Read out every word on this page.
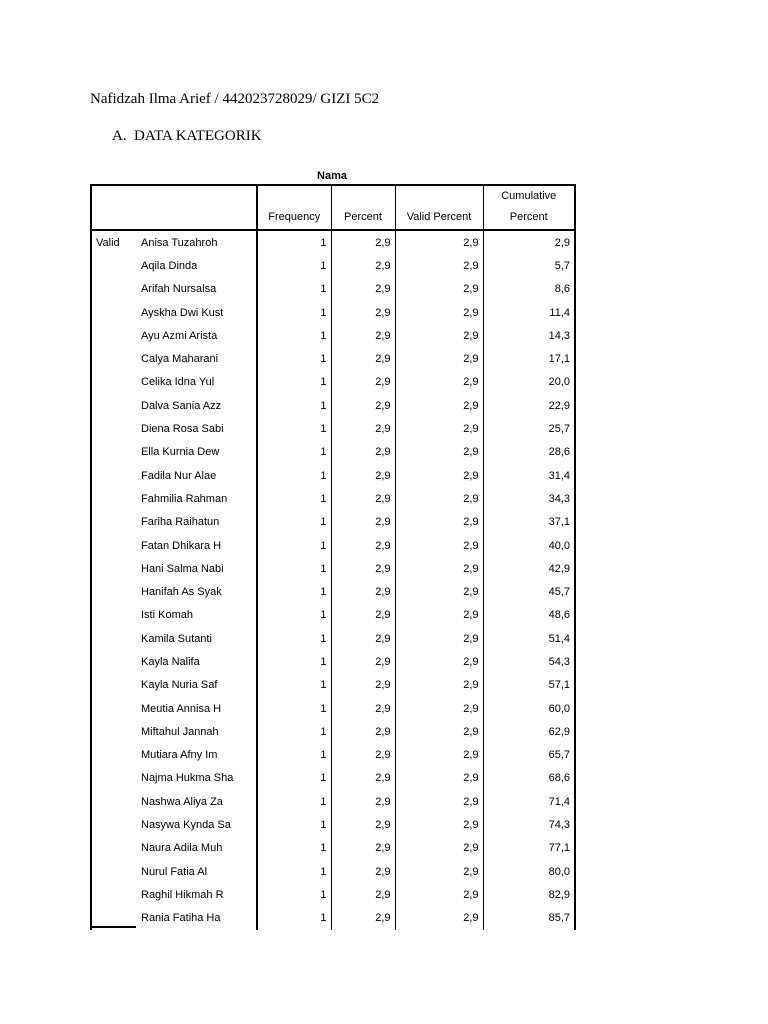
Nafidzah Ilma Arief / 442023728029/ GIZI 5C2
A. DATA KATEGORIK
Nama
		Frequency	Percent	Valid Percent	Cumulative
Percent
Valid	Anisa Tuzahroh	1	2,9	2,9	2,9
	Aqila Dinda	1	2,9	2,9	5,7
	Arifah Nursalsa	1	2,9	2,9	8,6
	Ayskha Dwi Kust	1	2,9	2,9	11,4
	Ayu Azmi Arista	1	2,9	2,9	14,3
	Calya Maharani	1	2,9	2,9	17,1
	Celika Idna Yul	1	2,9	2,9	20,0
	Dalva Sania Azz	1	2,9	2,9	22,9
	Diena Rosa Sabi	1	2,9	2,9	25,7
	Ella Kurnia Dew	1	2,9	2,9	28,6
	Fadila Nur Alae	1	2,9	2,9	31,4
	Fahmilia Rahman	1	2,9	2,9	34,3
	Fariha Raihatun	1	2,9	2,9	37,1
	Fatan Dhikara H	1	2,9	2,9	40,0
	Hani Salma Nabi	1	2,9	2,9	42,9
	Hanifah As Syak	1	2,9	2,9	45,7
	Isti Komah	1	2,9	2,9	48,6
	Kamila Sutanti	1	2,9	2,9	51,4
	Kayla Nalifa	1	2,9	2,9	54,3
	Kayla Nuria Saf	1	2,9	2,9	57,1
	Meutia Annisa H	1	2,9	2,9	60,0
	Miftahul Jannah	1	2,9	2,9	62,9
	Mutiara Afny Im	1	2,9	2,9	65,7
	Najma Hukma Sha	1	2,9	2,9	68,6
	Nashwa Aliya Za	1	2,9	2,9	71,4
	Nasywa Kynda Sa	1	2,9	2,9	74,3
	Naura Adila Muh	1	2,9	2,9	77,1
	Nurul Fatia Al	1	2,9	2,9	80,0
	Raghil Hikmah R	1	2,9	2,9	82,9
	Rania Fatiha Ha	1	2,9	2,9	85,7
